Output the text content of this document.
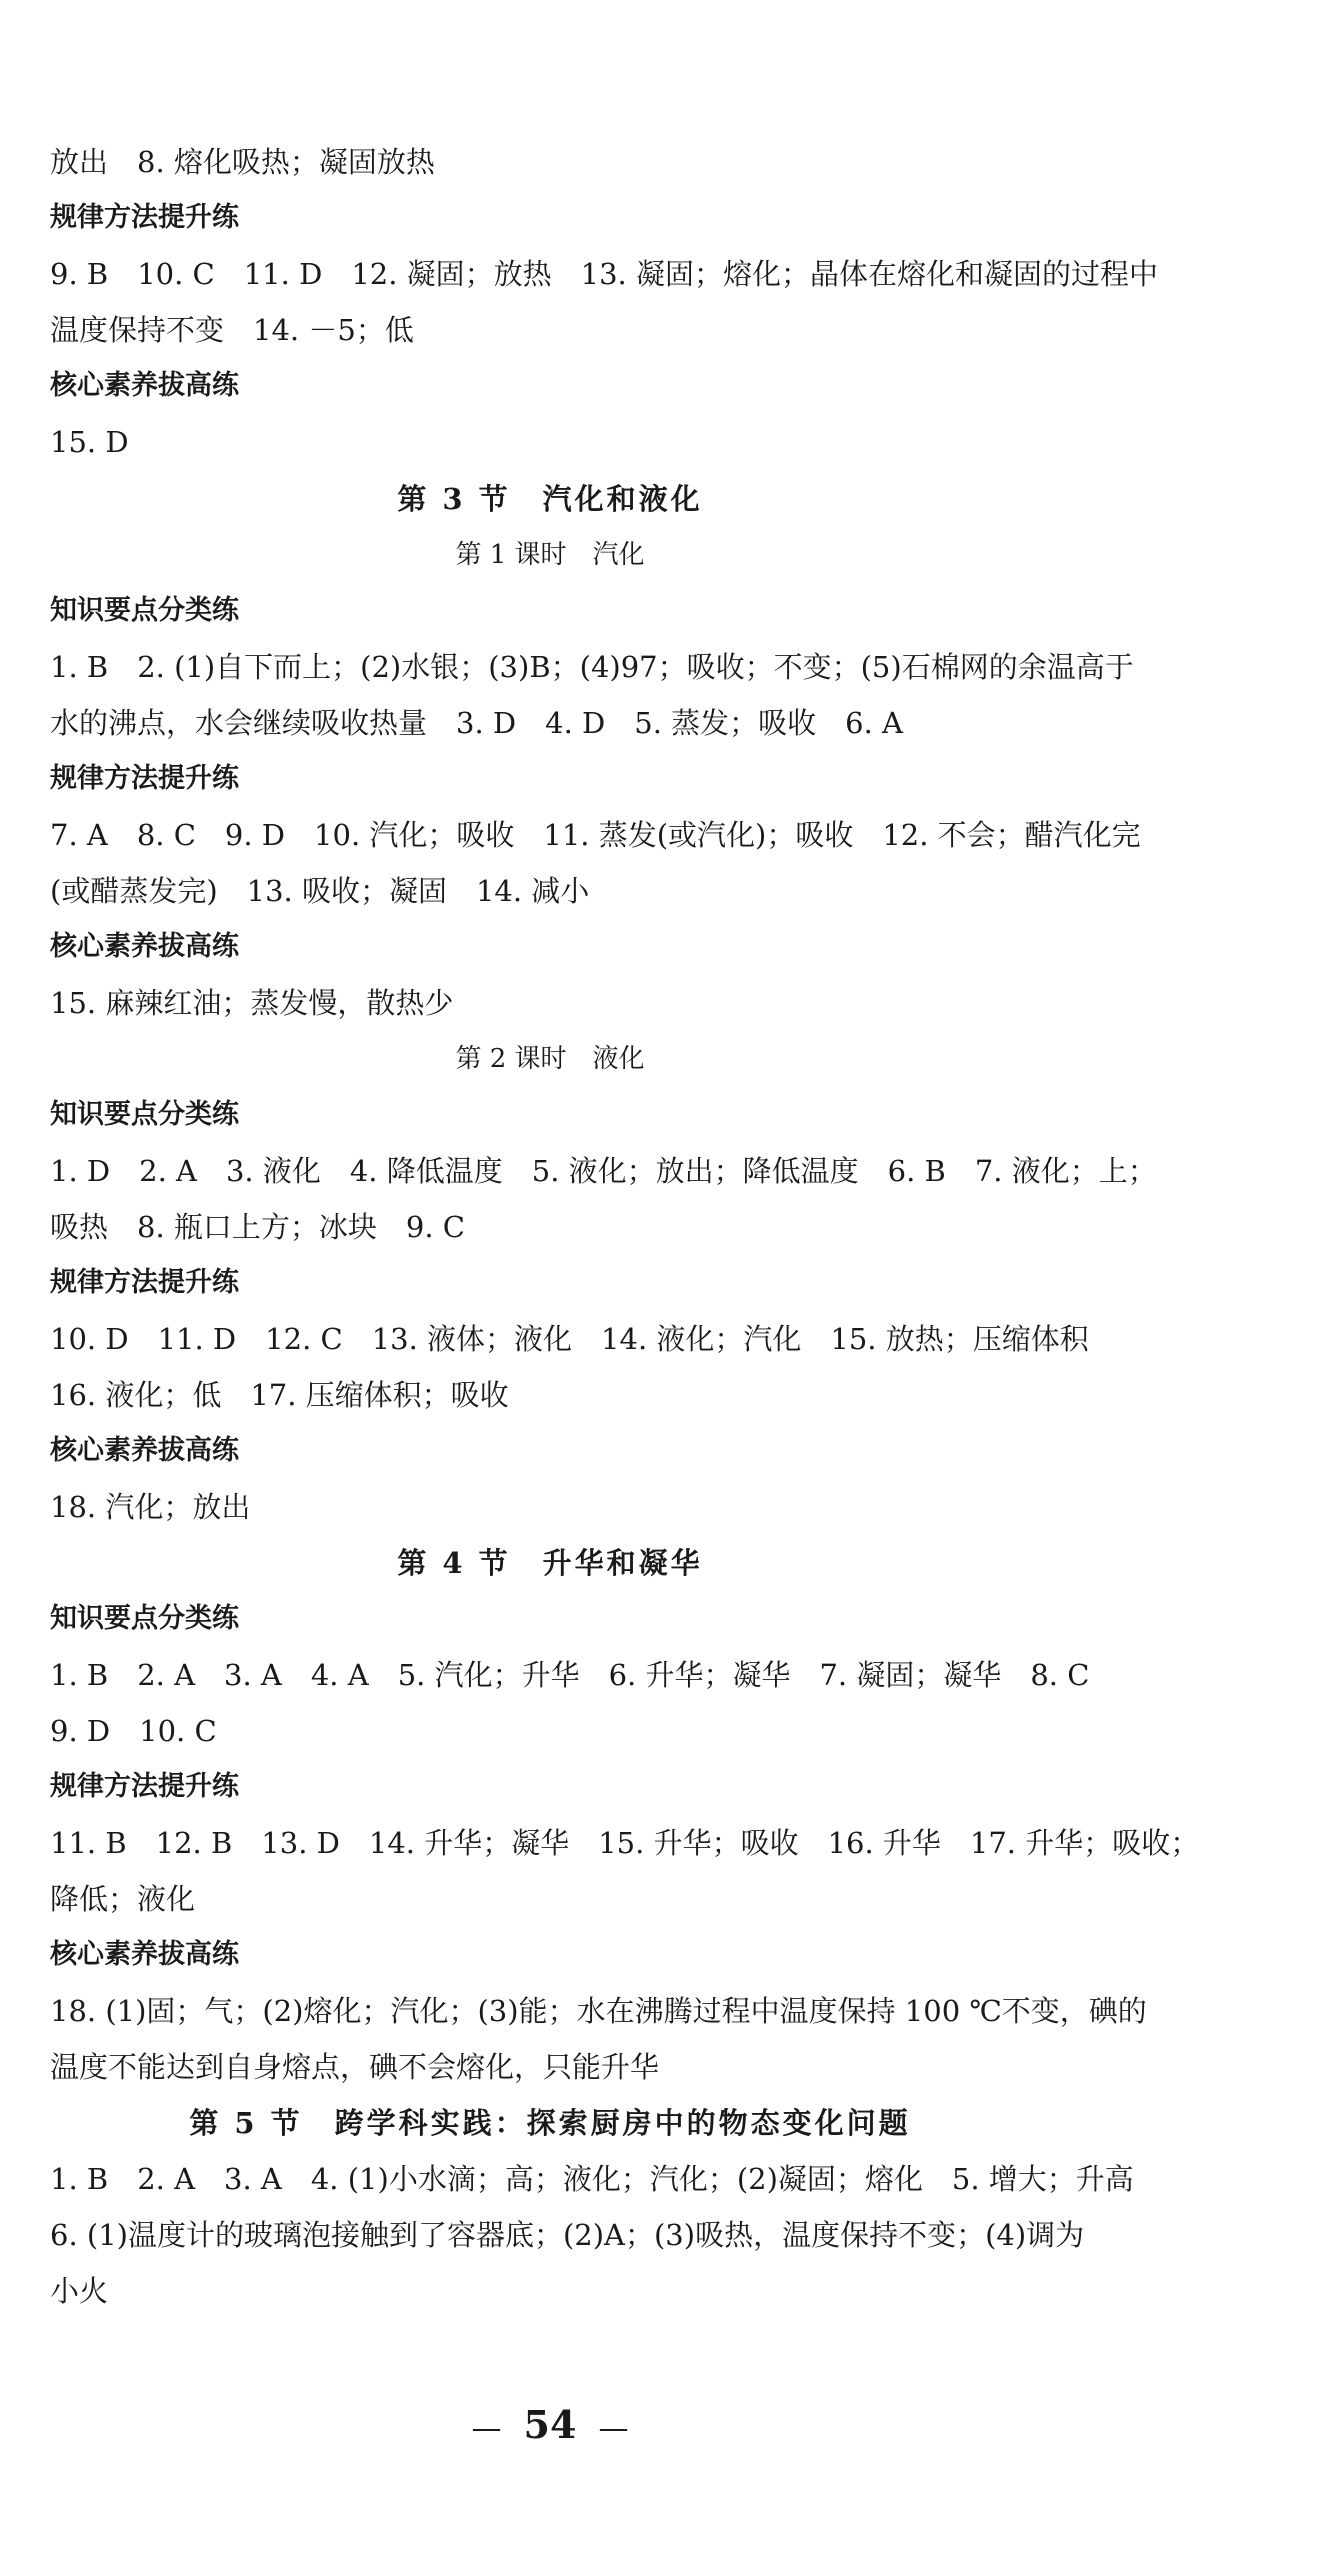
放出　8. 熔化吸热；凝固放热
规律方法提升练
9. B　10. C　11. D　12. 凝固；放热　13. 凝固；熔化；晶体在熔化和凝固的过程中
温度保持不变　14. －5；低
核心素养拔高练
15. D
第 3 节　汽化和液化
第 1 课时　汽化
知识要点分类练
1. B　2. (1)自下而上；(2)水银；(3)B；(4)97；吸收；不变；(5)石棉网的余温高于
水的沸点，水会继续吸收热量　3. D　4. D　5. 蒸发；吸收　6. A
规律方法提升练
7. A　8. C　9. D　10. 汽化；吸收　11. 蒸发(或汽化)；吸收　12. 不会；醋汽化完
(或醋蒸发完)　13. 吸收；凝固　14. 减小
核心素养拔高练
15. 麻辣红油；蒸发慢，散热少
第 2 课时　液化
知识要点分类练
1. D　2. A　3. 液化　4. 降低温度　5. 液化；放出；降低温度　6. B　7. 液化；上；
吸热　8. 瓶口上方；冰块　9. C
规律方法提升练
10. D　11. D　12. C　13. 液体；液化　14. 液化；汽化　15. 放热；压缩体积
16. 液化；低　17. 压缩体积；吸收
核心素养拔高练
18. 汽化；放出
第 4 节　升华和凝华
知识要点分类练
1. B　2. A　3. A　4. A　5. 汽化；升华　6. 升华；凝华　7. 凝固；凝华　8. C
9. D　10. C
规律方法提升练
11. B　12. B　13. D　14. 升华；凝华　15. 升华；吸收　16. 升华　17. 升华；吸收；
降低；液化
核心素养拔高练
18. (1)固；气；(2)熔化；汽化；(3)能；水在沸腾过程中温度保持 100 ℃不变，碘的
温度不能达到自身熔点，碘不会熔化，只能升华
第 5 节　跨学科实践：探索厨房中的物态变化问题
1. B　2. A　3. A　4. (1)小水滴；高；液化；汽化；(2)凝固；熔化　5. 增大；升高
6. (1)温度计的玻璃泡接触到了容器底；(2)A；(3)吸热，温度保持不变；(4)调为
小火
— 54 —
